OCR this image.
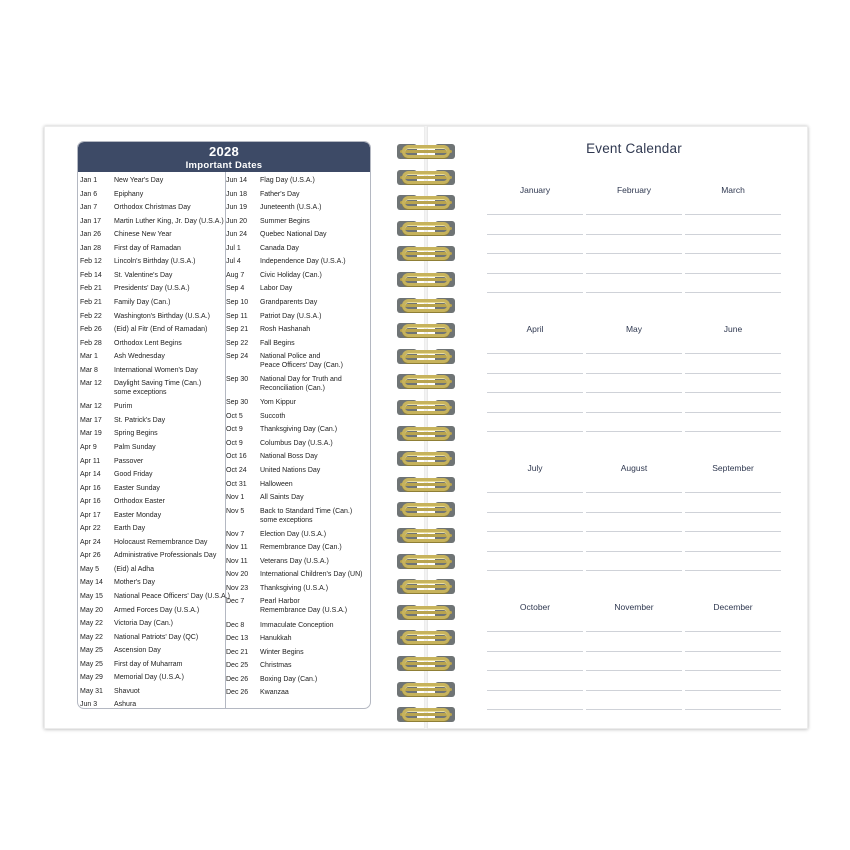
2028
Important Dates
Jan 1 New Year's Day
Jan 6 Epiphany
Jan 7 Orthodox Christmas Day
Jan 17 Martin Luther King, Jr. Day (U.S.A.)
Jan 26 Chinese New Year
Jan 28 First day of Ramadan
Feb 12 Lincoln's Birthday (U.S.A.)
Feb 14 St. Valentine's Day
Feb 21 Presidents' Day (U.S.A.)
Feb 21 Family Day (Can.)
Feb 22 Washington's Birthday (U.S.A.)
Feb 26 (Eid) al Fitr (End of Ramadan)
Feb 28 Orthodox Lent Begins
Mar 1 Ash Wednesday
Mar 8 International Women's Day
Mar 12 Daylight Saving Time (Can.)
some exceptions
Mar 12 Purim
Mar 17 St. Patrick's Day
Mar 19 Spring Begins
Apr 9 Palm Sunday
Apr 11 Passover
Apr 14 Good Friday
Apr 16 Easter Sunday
Apr 16 Orthodox Easter
Apr 17 Easter Monday
Apr 22 Earth Day
Apr 24 Holocaust Remembrance Day
Apr 26 Administrative Professionals Day
May 5 (Eid) al Adha
May 14 Mother's Day
May 15 National Peace Officers' Day (U.S.A.)
May 20 Armed Forces Day (U.S.A.)
May 22 Victoria Day (Can.)
May 22 National Patriots' Day (QC)
May 25 Ascension Day
May 25 First day of Muharram
May 29 Memorial Day (U.S.A.)
May 31 Shavuot
Jun 3 Ashura
Jun 14 Flag Day (U.S.A.)
Jun 18 Father's Day
Jun 19 Juneteenth (U.S.A.)
Jun 20 Summer Begins
Jun 24 Quebec National Day
Jul 1	Canada Day
Jul 4	Independence Day (U.S.A.)
Aug 7 Civic Holiday (Can.)
Sep 4 Labor Day
Sep 10 Grandparents Day
Sep 11 Patriot Day (U.S.A.)
Sep 21 Rosh Hashanah
Sep 22 Fall Begins
Sep 24 National Police and
Peace Officers' Day (Can.)
Sep 30 National Day for Truth and
Reconciliation (Can.)
Sep 30 Yom Kippur
Oct 5 Succoth
Oct 9 Thanksgiving Day (Can.)
Oct 9 Columbus Day (U.S.A.)
Oct 16 National Boss Day
Oct 24 United Nations Day
Oct 31 Halloween
Nov 1 All Saints Day
Nov 5 Back to Standard Time (Can.)
some exceptions
Nov 7 Election Day (U.S.A.)
Nov 11 Remembrance Day (Can.)
Nov 11 Veterans Day (U.S.A.)
Nov 20 International Children's Day (UN)
Nov 23 Thanksgiving (U.S.A.)
Dec 7 Pearl Harbor
Remembrance Day (U.S.A.)
Dec 8 Immaculate Conception
Dec 13 Hanukkah
Dec 21 Winter Begins
Dec 25 Christmas
Dec 26 Boxing Day (Can.)
Dec 26 Kwanzaa
Event Calendar
January	February	March
April	May	June
July	August	September
October	November	December
